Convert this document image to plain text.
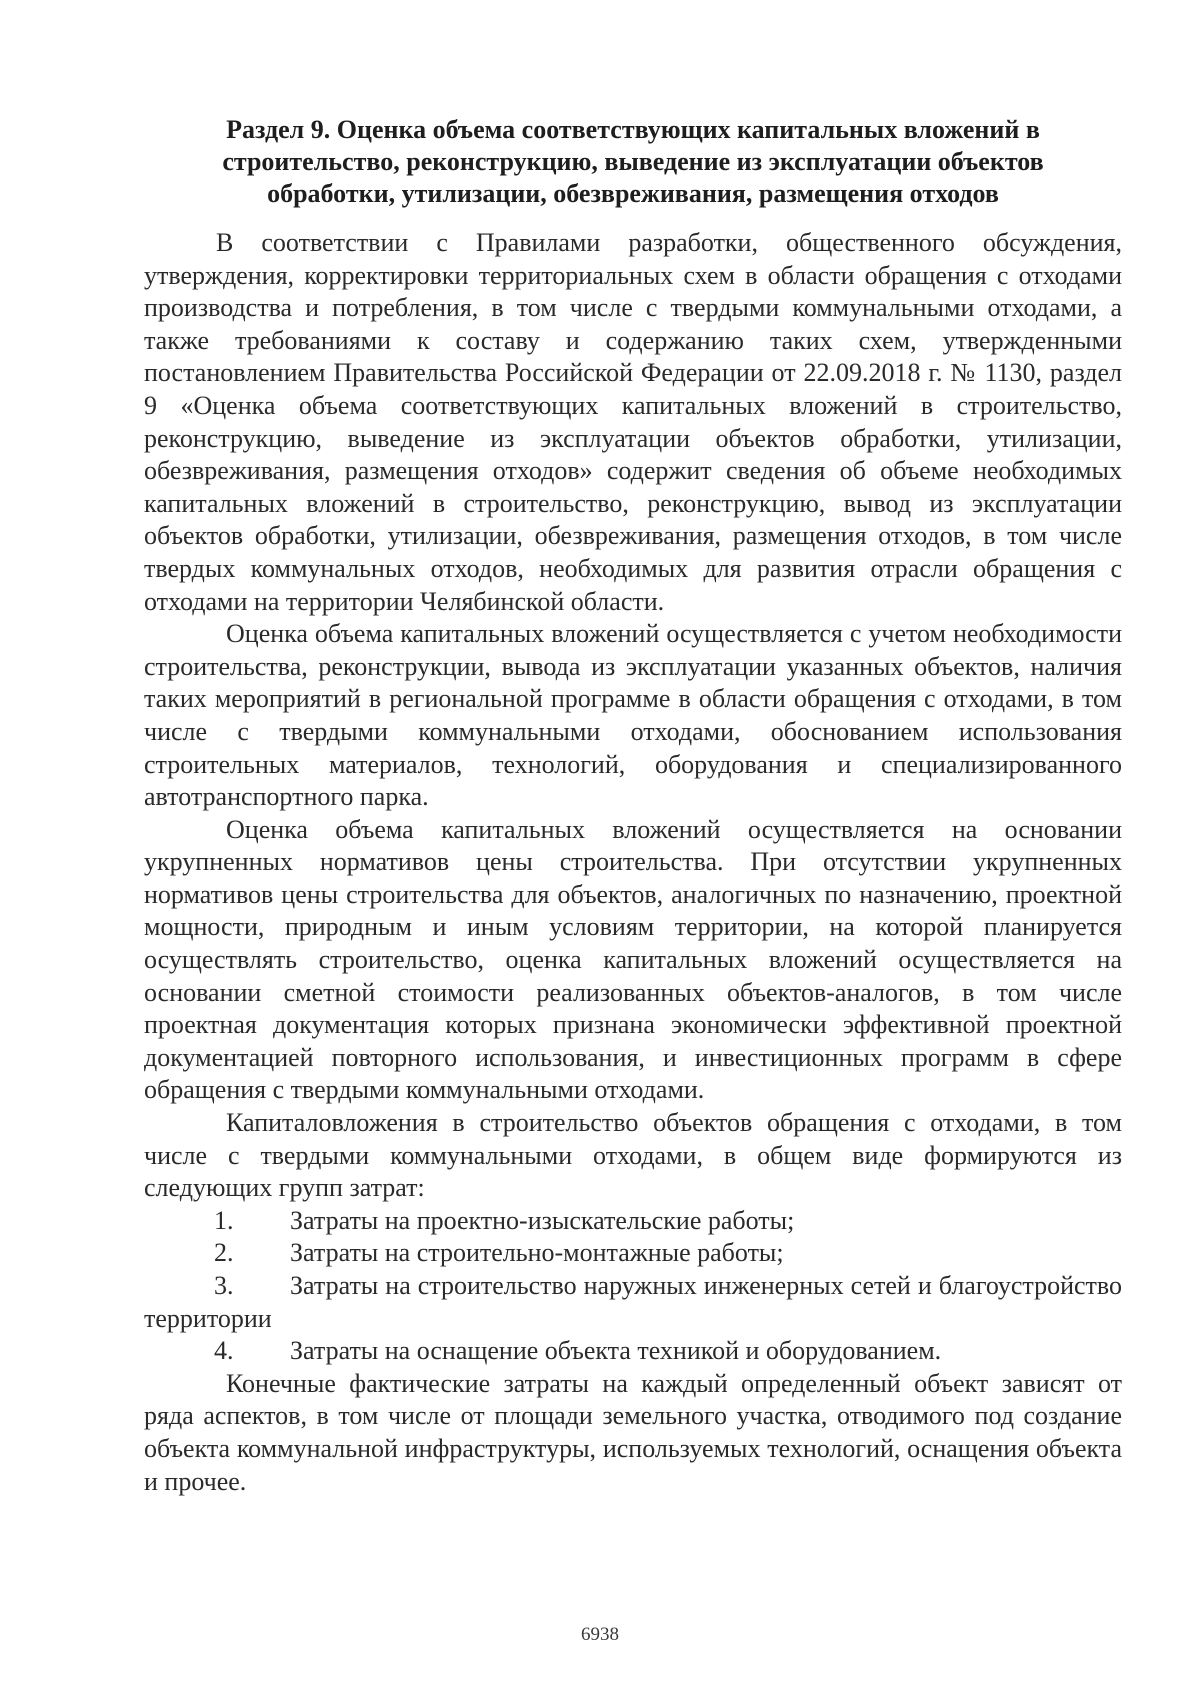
Раздел 9. Оценка объема соответствующих капитальных вложений в
строительство, реконструкцию, выведение из эксплуатации объектов
обработки, утилизации, обезвреживания, размещения отходов

В соответствии с Правилами разработки, общественного обсуждения, утверждения, корректировки территориальных схем в области обращения с отходами производства и потребления, в том числе с твердыми коммунальными отходами, а также требованиями к составу и содержанию таких схем, утвержденными постановлением Правительства Российской Федерации от 22.09.2018 г. № 1130, раздел 9 «Оценка объема соответствующих капитальных вложений в строительство, реконструкцию, выведение из эксплуатации объектов обработки, утилизации, обезвреживания, размещения отходов» содержит сведения об объеме необходимых капитальных вложений в строительство, реконструкцию, вывод из эксплуатации объектов обработки, утилизации, обезвреживания, размещения отходов, в том числе твердых коммунальных отходов, необходимых для развития отрасли обращения с отходами на территории Челябинской области.

Оценка объема капитальных вложений осуществляется с учетом необходимости строительства, реконструкции, вывода из эксплуатации указанных объектов, наличия таких мероприятий в региональной программе в области обращения с отходами, в том числе с твердыми коммунальными отходами, обоснованием использования строительных материалов, технологий, оборудования и специализированного автотранспортного парка.

Оценка объема капитальных вложений осуществляется на основании укрупненных нормативов цены строительства. При отсутствии укрупненных нормативов цены строительства для объектов, аналогичных по назначению, проектной мощности, природным и иным условиям территории, на которой планируется осуществлять строительство, оценка капитальных вложений осуществляется на основании сметной стоимости реализованных объектов-аналогов, в том числе проектная документация которых признана экономически эффективной проектной документацией повторного использования, и инвестиционных программ в сфере обращения с твердыми коммунальными отходами.

Капиталовложения в строительство объектов обращения с отходами, в том числе с твердыми коммунальными отходами, в общем виде формируются из следующих групп затрат:

1. Затраты на проектно-изыскательские работы;
2. Затраты на строительно-монтажные работы;
3. Затраты на строительство наружных инженерных сетей и благоустройство территории
4. Затраты на оснащение объекта техникой и оборудованием.

Конечные фактические затраты на каждый определенный объект зависят от ряда аспектов, в том числе от площади земельного участка, отводимого под создание объекта коммунальной инфраструктуры, используемых технологий, оснащения объекта и прочее.

6938
